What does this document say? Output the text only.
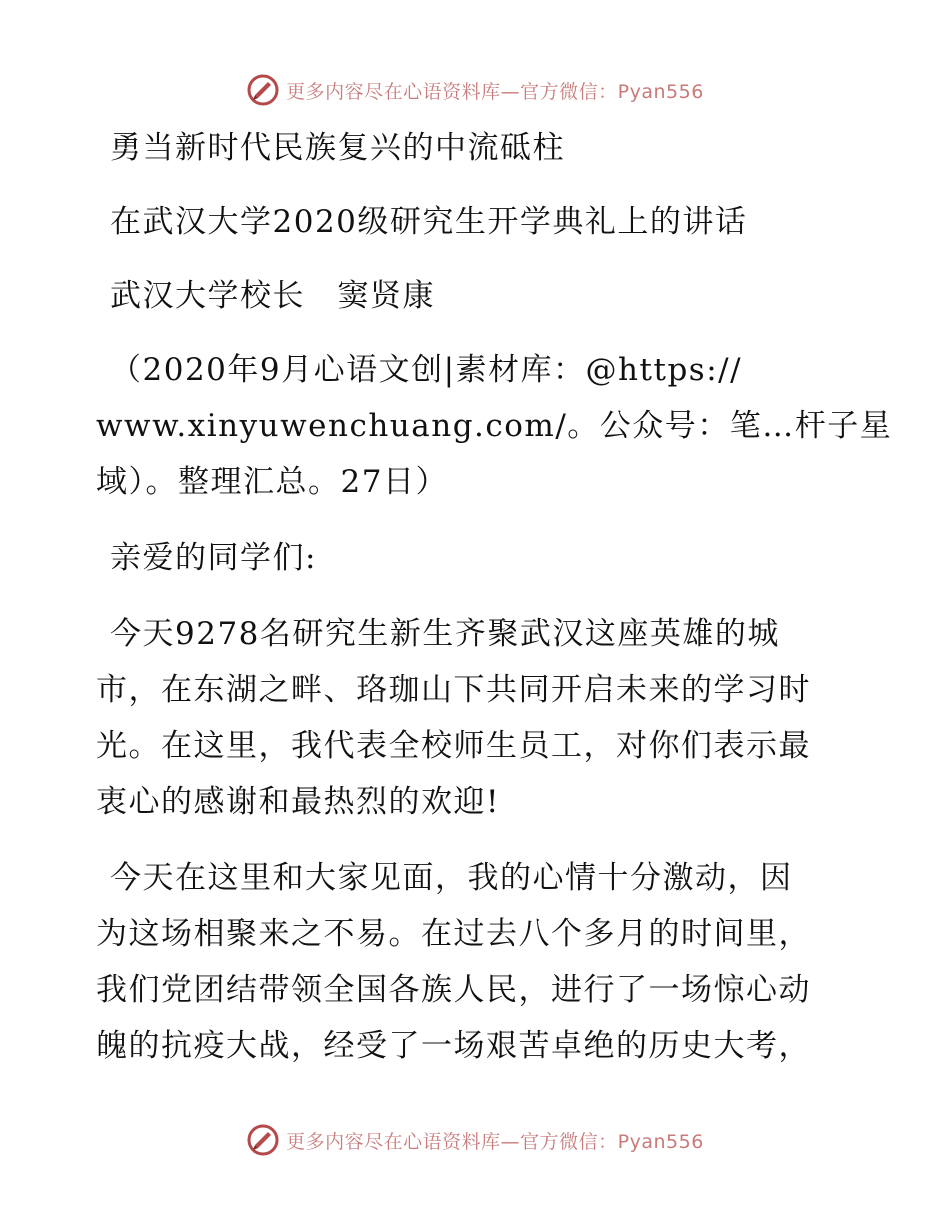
更多内容尽在心语资料库—官方微信：Pyan556

勇当新时代民族复兴的中流砥柱

在武汉大学2020级研究生开学典礼上的讲话

武汉大学校长　窦贤康

（2020年9月心语文创|素材库：@https://

www.xinyuwenchuang.com/。公众号：笔…杆子星

域）。整理汇总。27日）

亲爱的同学们:

今天9278名研究生新生齐聚武汉这座英雄的城

市，在东湖之畔、珞珈山下共同开启未来的学习时

光。在这里，我代表全校师生员工，对你们表示最

衷心的感谢和最热烈的欢迎!

今天在这里和大家见面，我的心情十分激动，因

为这场相聚来之不易。在过去八个多月的时间里，

我们党团结带领全国各族人民，进行了一场惊心动

魄的抗疫大战，经受了一场艰苦卓绝的历史大考，

更多内容尽在心语资料库—官方微信：Pyan556
